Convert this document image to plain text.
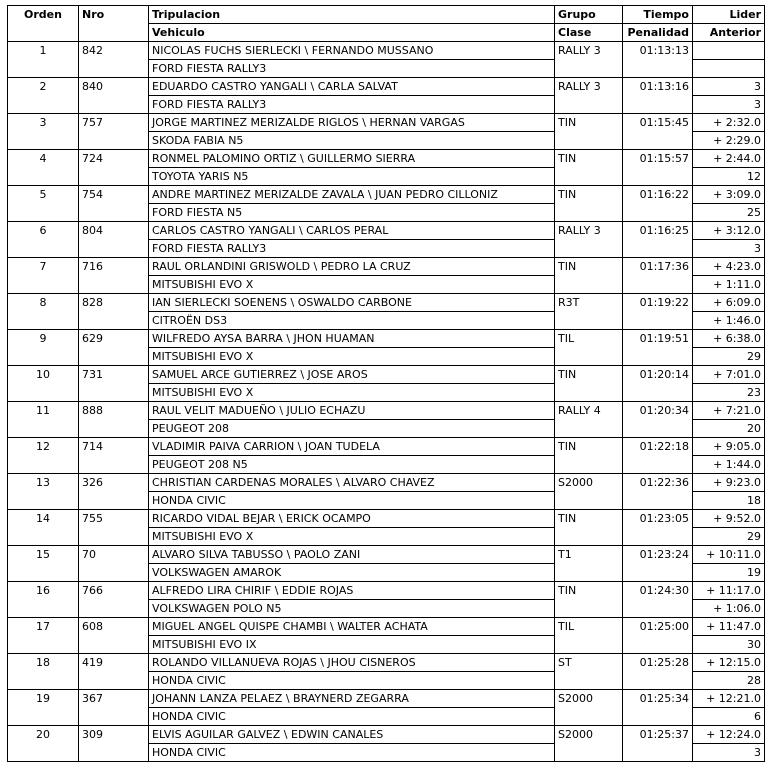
Orden	Nro	Tripulacion	Grupo	Tiempo	Lider
		Vehiculo	Clase	Penalidad	Anterior
1	842	NICOLAS FUCHS SIERLECKI \ FERNANDO MUSSANO	RALLY 3	01:13:13	
		FORD FIESTA RALLY3			
2	840	EDUARDO CASTRO YANGALI \ CARLA SALVAT	RALLY 3	01:13:16	3
		FORD FIESTA RALLY3			3
3	757	JORGE MARTINEZ MERIZALDE RIGLOS \ HERNAN VARGAS	TIN	01:15:45	+ 2:32.0
		SKODA FABIA N5			+ 2:29.0
4	724	RONMEL PALOMINO ORTIZ \ GUILLERMO SIERRA	TIN	01:15:57	+ 2:44.0
		TOYOTA YARIS N5			12
5	754	ANDRE MARTINEZ MERIZALDE ZAVALA \ JUAN PEDRO CILLONIZ	TIN	01:16:22	+ 3:09.0
		FORD FIESTA N5			25
6	804	CARLOS CASTRO YANGALI \ CARLOS PERAL	RALLY 3	01:16:25	+ 3:12.0
		FORD FIESTA RALLY3			3
7	716	RAUL ORLANDINI GRISWOLD \ PEDRO LA CRUZ	TIN	01:17:36	+ 4:23.0
		MITSUBISHI EVO X			+ 1:11.0
8	828	IAN SIERLECKI SOENENS \ OSWALDO CARBONE	R3T	01:19:22	+ 6:09.0
		CITROËN DS3			+ 1:46.0
9	629	WILFREDO AYSA BARRA \ JHON HUAMAN	TIL	01:19:51	+ 6:38.0
		MITSUBISHI EVO X			29
10	731	SAMUEL ARCE GUTIERREZ \ JOSE AROS	TIN	01:20:14	+ 7:01.0
		MITSUBISHI EVO X			23
11	888	RAUL VELIT MADUEÑO \ JULIO ECHAZU	RALLY 4	01:20:34	+ 7:21.0
		PEUGEOT 208			20
12	714	VLADIMIR PAIVA CARRION \ JOAN TUDELA	TIN	01:22:18	+ 9:05.0
		PEUGEOT 208 N5			+ 1:44.0
13	326	CHRISTIAN CARDENAS MORALES \ ALVARO CHAVEZ	S2000	01:22:36	+ 9:23.0
		HONDA CIVIC			18
14	755	RICARDO VIDAL BEJAR \ ERICK OCAMPO	TIN	01:23:05	+ 9:52.0
		MITSUBISHI EVO X			29
15	70	ALVARO SILVA TABUSSO \ PAOLO ZANI	T1	01:23:24	+ 10:11.0
		VOLKSWAGEN AMAROK			19
16	766	ALFREDO LIRA CHIRIF \ EDDIE ROJAS	TIN	01:24:30	+ 11:17.0
		VOLKSWAGEN POLO N5			+ 1:06.0
17	608	MIGUEL ANGEL QUISPE CHAMBI \ WALTER ACHATA	TIL	01:25:00	+ 11:47.0
		MITSUBISHI EVO IX			30
18	419	ROLANDO VILLANUEVA ROJAS \ JHOU CISNEROS	ST	01:25:28	+ 12:15.0
		HONDA CIVIC			28
19	367	JOHANN LANZA PELAEZ \ BRAYNERD ZEGARRA	S2000	01:25:34	+ 12:21.0
		HONDA CIVIC			6
20	309	ELVIS AGUILAR GALVEZ \ EDWIN CANALES	S2000	01:25:37	+ 12:24.0
		HONDA CIVIC			3
